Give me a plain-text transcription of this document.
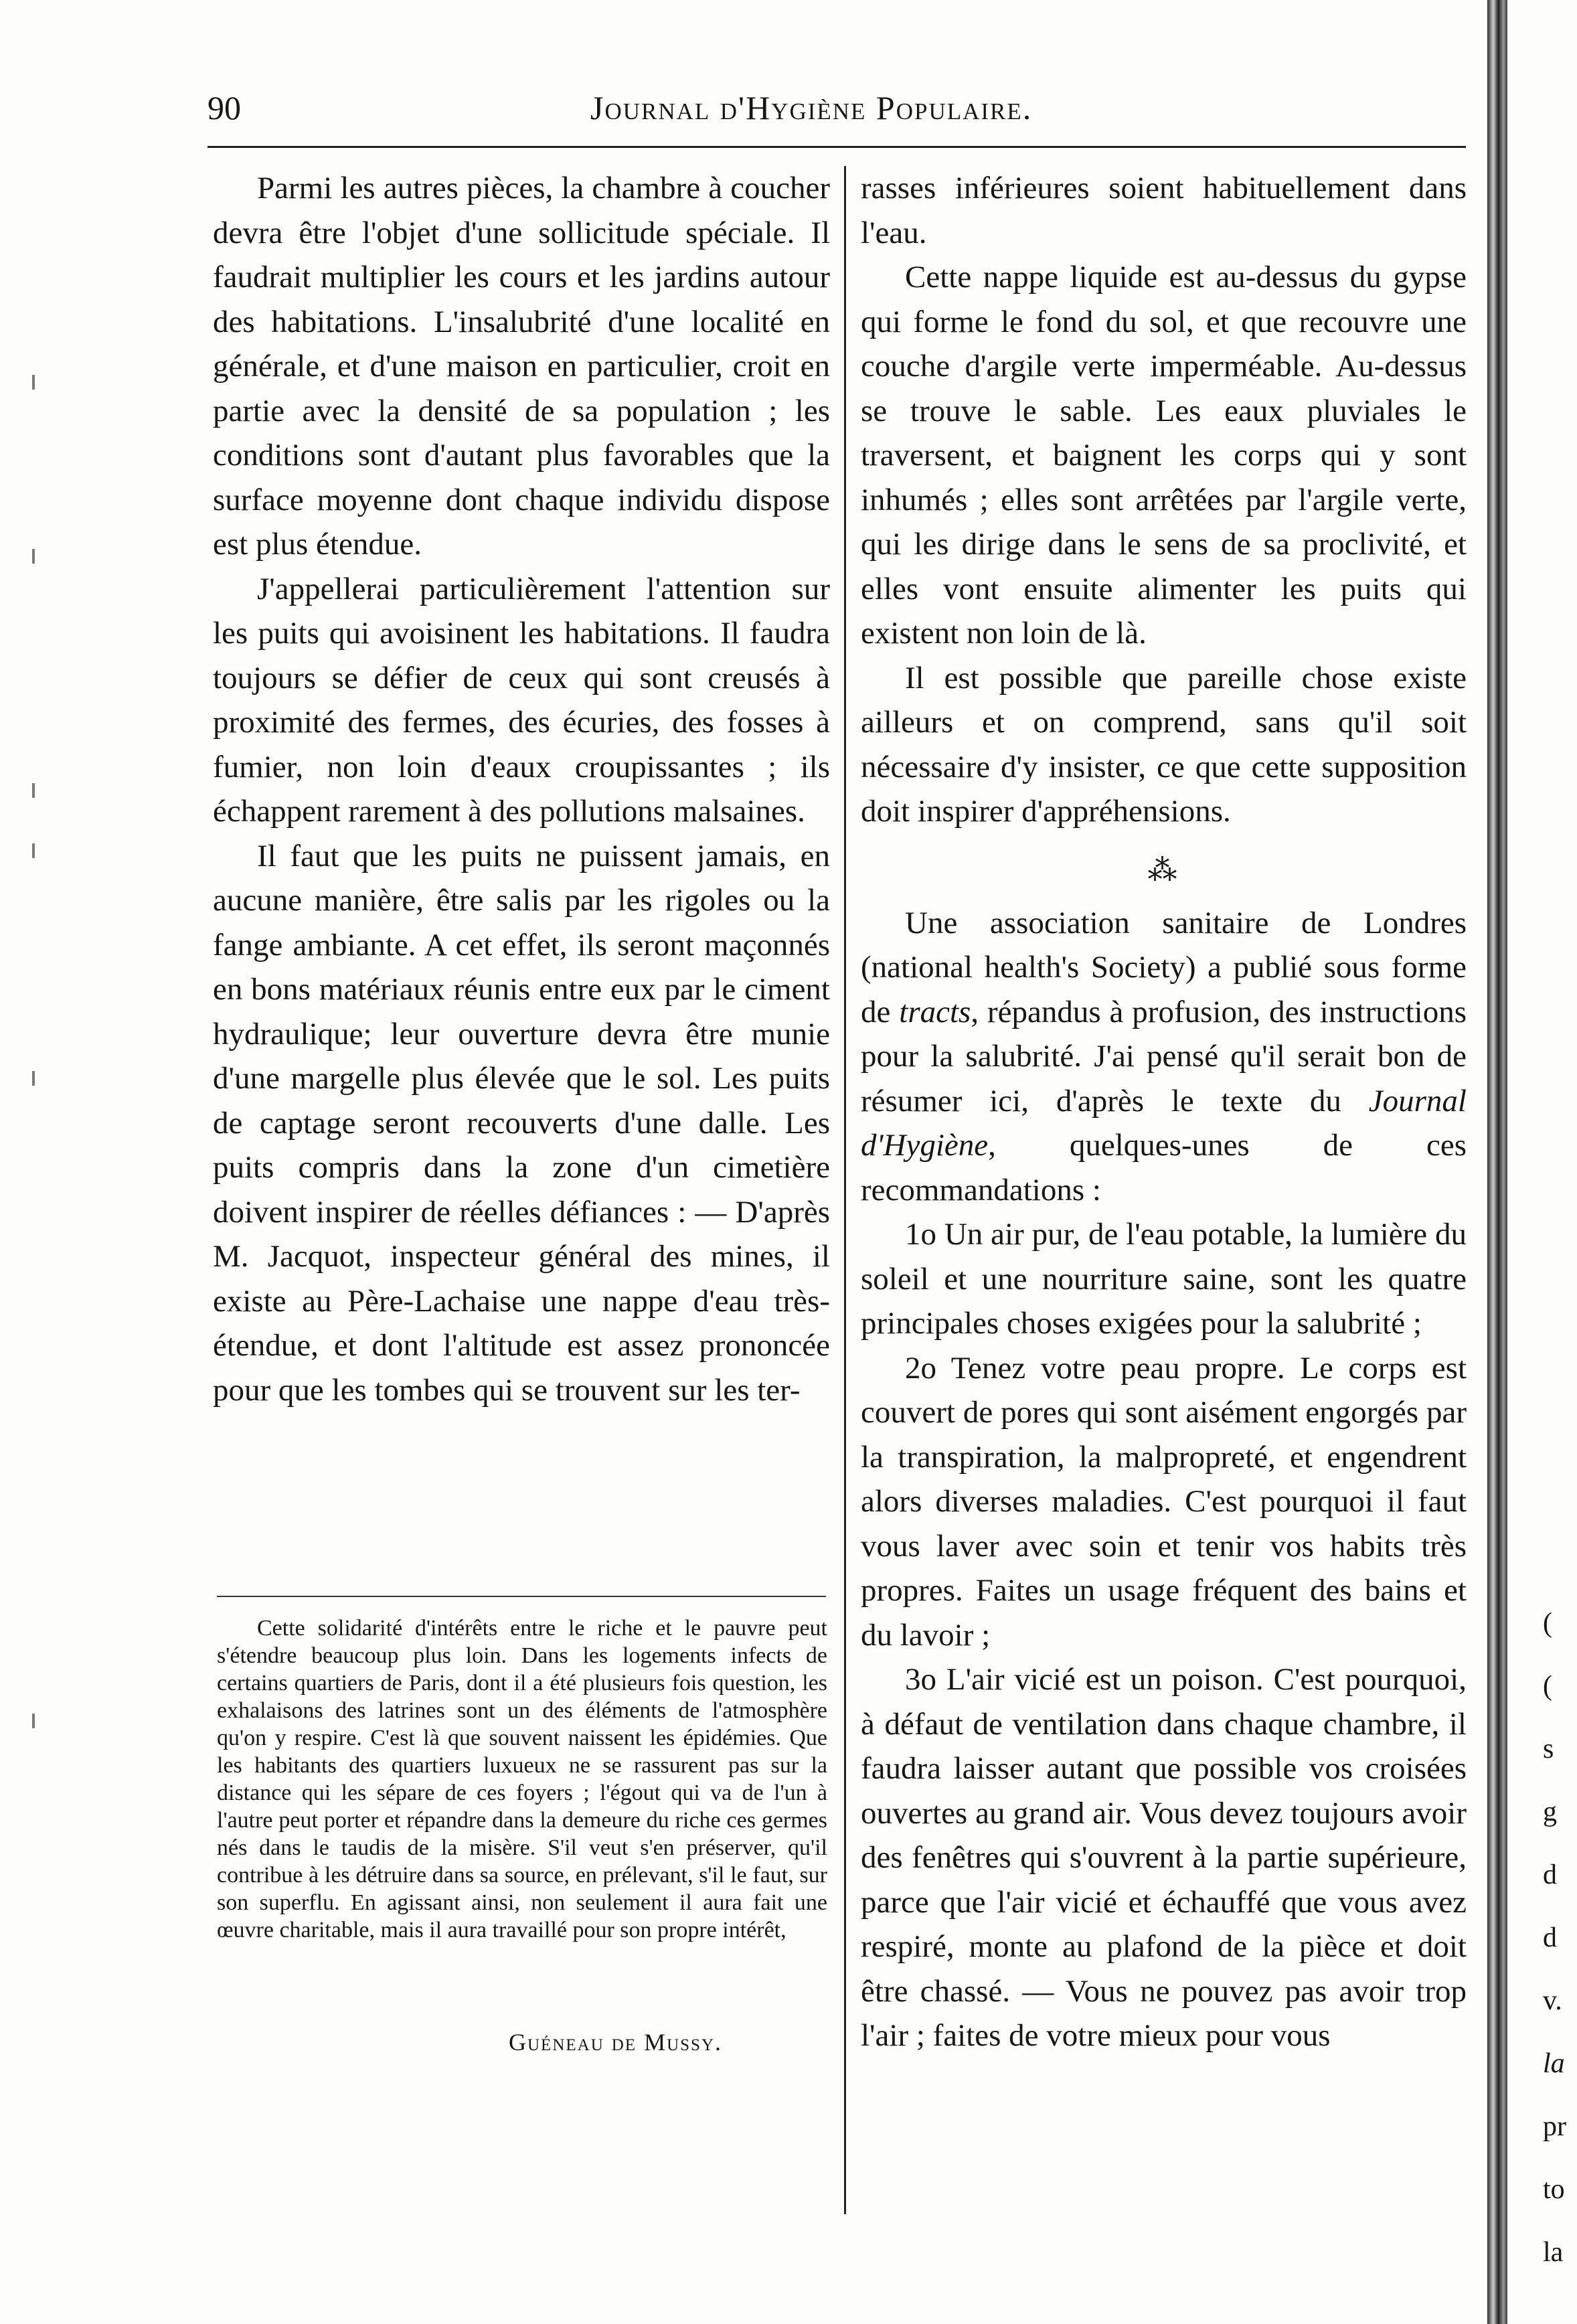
90	Journal d'Hygiène Populaire.

Parmi les autres pièces, la chambre à coucher devra être l'objet d'une sollicitude spéciale. Il faudrait multiplier les cours et les jardins autour des habitations. L'insalubrité d'une localité en générale, et d'une maison en particulier, croit en partie avec la densité de sa population ; les conditions sont d'autant plus favorables que la surface moyenne dont chaque individu dispose est plus étendue.

J'appellerai particulièrement l'attention sur les puits qui avoisinent les habitations. Il faudra toujours se défier de ceux qui sont creusés à proximité des fermes, des écuries, des fosses à fumier, non loin d'eaux croupissantes ; ils échappent rarement à des pollutions malsaines.

Il faut que les puits ne puissent jamais, en aucune manière, être salis par les rigoles ou la fange ambiante. A cet effet, ils seront maçonnés en bons matériaux réunis entre eux par le ciment hydraulique; leur ouverture devra être munie d'une margelle plus élevée que le sol. Les puits de captage seront recouverts d'une dalle. Les puits compris dans la zone d'un cimetière doivent inspirer de réelles défiances : — D'après M. Jacquot, inspecteur général des mines, il existe au Père-Lachaise une nappe d'eau très-étendue, et dont l'altitude est assez prononcée pour que les tombes qui se trouvent sur les ter-

Cette solidarité d'intérêts entre le riche et le pauvre peut s'étendre beaucoup plus loin. Dans les logements infects de certains quartiers de Paris, dont il a été plusieurs fois question, les exhalaisons des latrines sont un des éléments de l'atmosphère qu'on y respire. C'est là que souvent naissent les épidémies. Que les habitants des quartiers luxueux ne se rassurent pas sur la distance qui les sépare de ces foyers ; l'égout qui va de l'un à l'autre peut porter et répandre dans la demeure du riche ces germes nés dans le taudis de la misère. S'il veut s'en préserver, qu'il contribue à les détruire dans sa source, en prélevant, s'il le faut, sur son superflu. En agissant ainsi, non seulement il aura fait une œuvre charitable, mais il aura travaillé pour son propre intérêt,

Guéneau de Mussy.

rasses inférieures soient habituellement dans l'eau.

Cette nappe liquide est au-dessus du gypse qui forme le fond du sol, et que recouvre une couche d'argile verte imperméable. Au-dessus se trouve le sable. Les eaux pluviales le traversent, et baignent les corps qui y sont inhumés ; elles sont arrêtées par l'argile verte, qui les dirige dans le sens de sa proclivité, et elles vont ensuite alimenter les puits qui existent non loin de là.

Il est possible que pareille chose existe ailleurs et on comprend, sans qu'il soit nécessaire d'y insister, ce que cette supposition doit inspirer d'appréhensions.

⁂

Une association sanitaire de Londres (national health's Society) a publié sous forme de tracts, répandus à profusion, des instructions pour la salubrité. J'ai pensé qu'il serait bon de résumer ici, d'après le texte du Journal d'Hygiène, quelques-unes de ces recommandations :

1o Un air pur, de l'eau potable, la lumière du soleil et une nourriture saine, sont les quatre principales choses exigées pour la salubrité ;

2o Tenez votre peau propre. Le corps est couvert de pores qui sont aisément engorgés par la transpiration, la malpropreté, et engendrent alors diverses maladies. C'est pourquoi il faut vous laver avec soin et tenir vos habits très propres. Faites un usage fréquent des bains et du lavoir ;

3o L'air vicié est un poison. C'est pourquoi, à défaut de ventilation dans chaque chambre, il faudra laisser autant que possible vos croisées ouvertes au grand air. Vous devez toujours avoir des fenêtres qui s'ouvrent à la partie supérieure, parce que l'air vicié et échauffé que vous avez respiré, monte au plafond de la pièce et doit être chassé. — Vous ne pouvez pas avoir trop l'air ; faites de votre mieux pour vous

(
(
s
g
d
d
v.
la
pr
to
la
